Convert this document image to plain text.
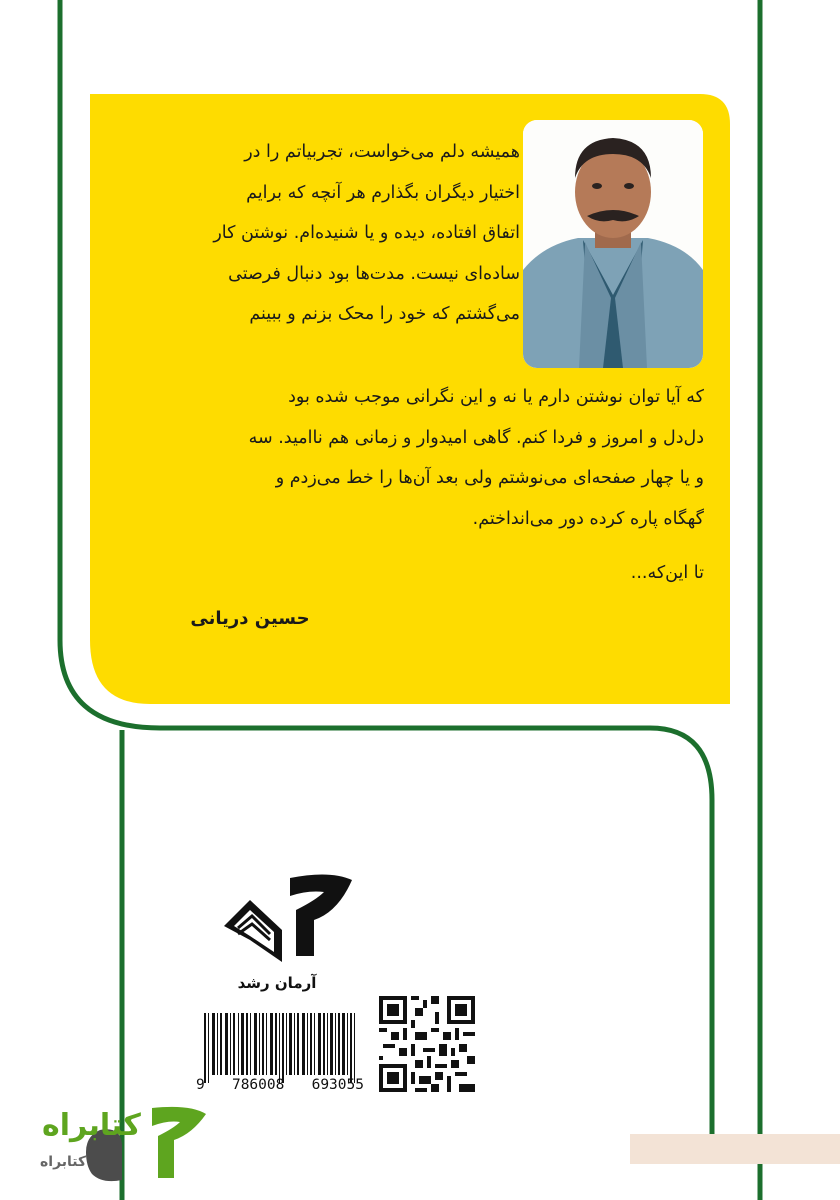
همیشه دلم می‌خواست، تجربیاتم را در

اختیار دیگران بگذارم هر آنچه که برایم

اتفاق افتاده، دیده و یا شنیده‌ام. نوشتن کار

ساده‌ای نیست. مدت‌ها بود دنبال فرصتی

می‌گشتم که خود را محک بزنم و ببینم

که آیا توان نوشتن دارم یا نه و این نگرانی موجب شده بود

دل‌دل و امروز و فردا کنم. گاهی امیدوار و زمانی هم ناامید. سه

و یا چهار صفحه‌ای می‌نوشتم ولی بعد آن‌ها را خط می‌زدم و

گهگاه پاره کرده دور می‌انداختم.

تا این‌که...
حسین دریانی
آرمان رشد
9 786008 693055
کتابراه
کتابراه
